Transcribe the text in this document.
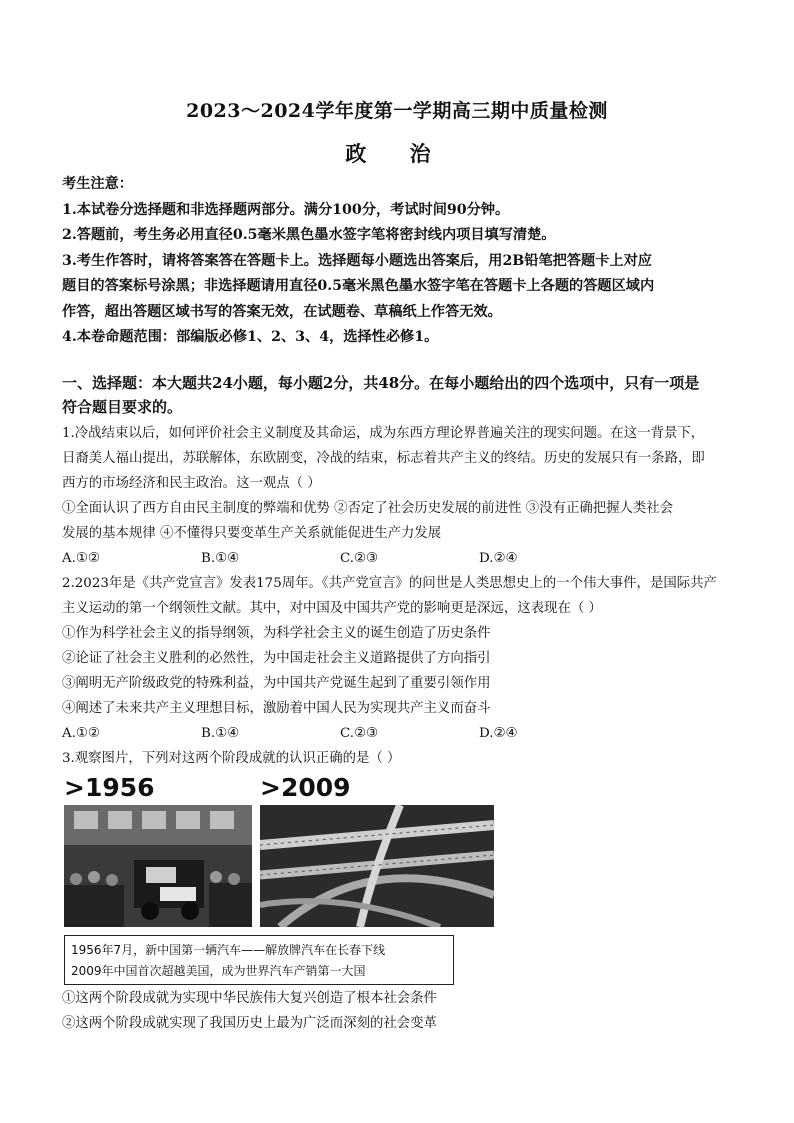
2023～2024学年度第一学期高三期中质量检测
政 治
考生注意：
1.本试卷分选择题和非选择题两部分。满分100分，考试时间90分钟。
2.答题前，考生务必用直径0.5毫米黑色墨水签字笔将密封线内项目填写清楚。
3.考生作答时，请将答案答在答题卡上。选择题每小题选出答案后，用2B铅笔把答题卡上对应
题目的答案标号涂黑；非选择题请用直径0.5毫米黑色墨水签字笔在答题卡上各题的答题区域内
作答，超出答题区域书写的答案无效，在试题卷、草稿纸上作答无效。
4.本卷命题范围：部编版必修1、2、3、4，选择性必修1。
一、选择题：本大题共24小题，每小题2分，共48分。在每小题给出的四个选项中，只有一项是
符合题目要求的。
1.冷战结束以后，如何评价社会主义制度及其命运，成为东西方理论界普遍关注的现实问题。在这一背景下，
日裔美人福山提出，苏联解体，东欧剧变，冷战的结束，标志着共产主义的终结。历史的发展只有一条路，即
西方的市场经济和民主政治。这一观点（ ）
①全面认识了西方自由民主制度的弊端和优势 ②否定了社会历史发展的前进性 ③没有正确把握人类社会
发展的基本规律 ④不懂得只要变革生产关系就能促进生产力发展
A.①②	B.①④	C.②③	D.②④
2.2023年是《共产党宣言》发表175周年。《共产党宣言》的问世是人类思想史上的一个伟大事件，是国际共产
主义运动的第一个纲领性文献。其中，对中国及中国共产党的影响更是深远，这表现在（ ）
①作为科学社会主义的指导纲领，为科学社会主义的诞生创造了历史条件
②论证了社会主义胜利的必然性，为中国走社会主义道路提供了方向指引
③阐明无产阶级政党的特殊利益，为中国共产党诞生起到了重要引领作用
④阐述了未来共产主义理想目标，激励着中国人民为实现共产主义而奋斗
A.①②	B.①④	C.②③	D.②④
3.观察图片，下列对这两个阶段成就的认识正确的是（ ）
>1956	>2009
1956年7月，新中国第一辆汽车——解放牌汽车在长春下线
2009年中国首次超越美国，成为世界汽车产销第一大国
①这两个阶段成就为实现中华民族伟大复兴创造了根本社会条件
②这两个阶段成就实现了我国历史上最为广泛而深刻的社会变革
